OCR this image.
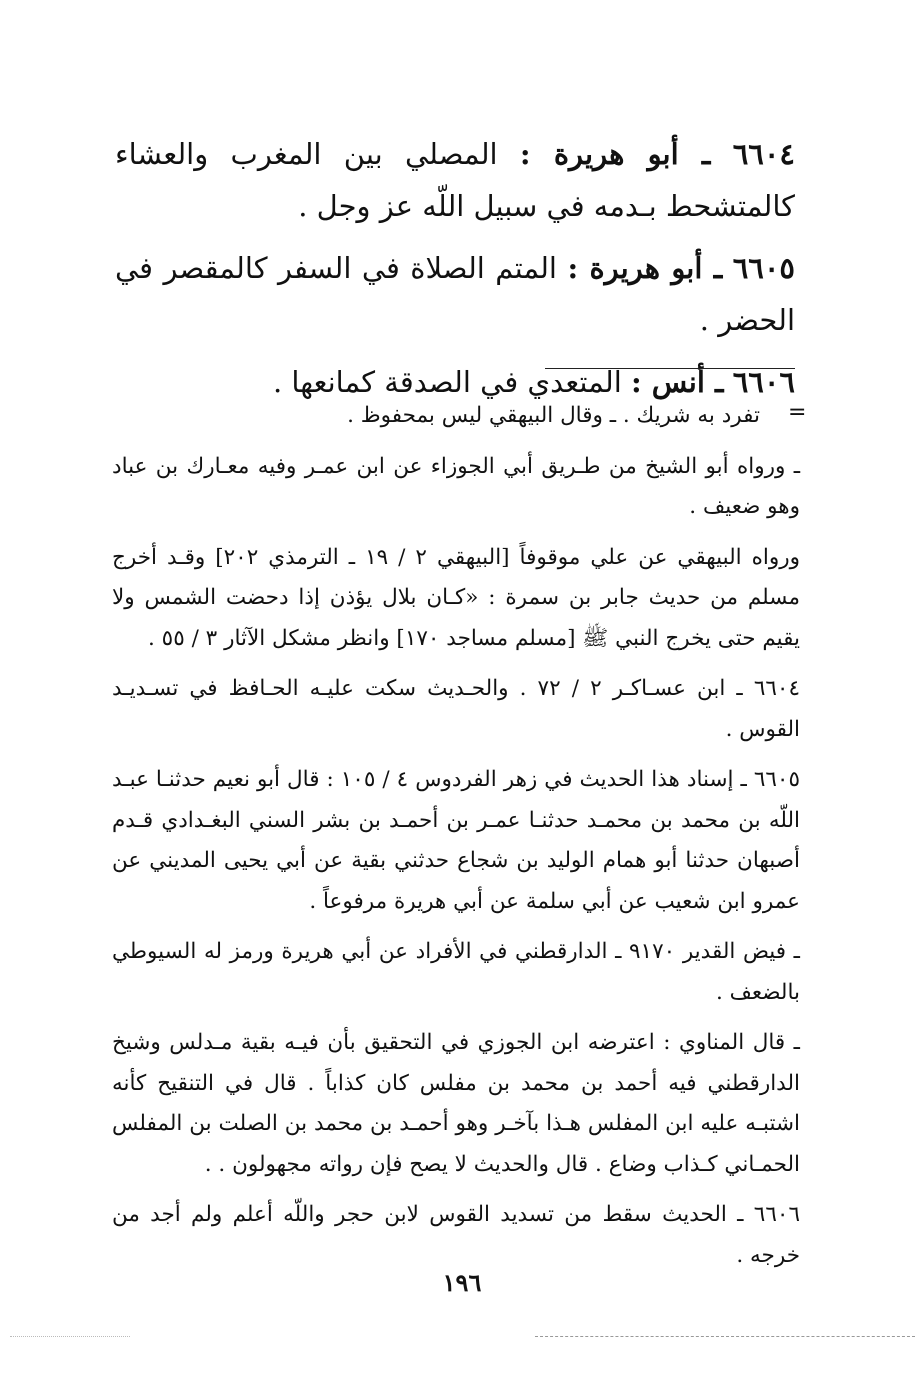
٦٦٠٤ ـ أبو هريرة : المصلي بين المغرب والعشاء كالمتشحط بـدمه في سبيل اللّه عز وجل .

٦٦٠٥ ـ أبو هريرة : المتم الصلاة في السفر كالمقصر في الحضر .

٦٦٠٦ ـ أنس : المتعدي في الصدقة كمانعها .

=

تفرد به شريك . ـ وقال البيهقي ليس بمحفوظ .

ـ ورواه أبو الشيخ من طـريق أبي الجوزاء عن ابن عمـر وفيه معـارك بن عباد وهو ضعيف .

ورواه البيهقي عن علي موقوفاً [البيهقي ٢ / ١٩ ـ الترمذي ٢٠٢] وقـد أخرج مسلم من حديث جابر بن سمرة : «كـان بلال يؤذن إذا دحضت الشمس ولا يقيم حتى يخرج النبي ﷺ [مسلم مساجد ١٧٠] وانظر مشكل الآثار ٣ / ٥٥ .

٦٦٠٤ ـ ابن عسـاكـر ٢ / ٧٢ . والحـديث سكت عليـه الحـافظ في تسـديـد القوس .

٦٦٠٥ ـ إسناد هذا الحديث في زهر الفردوس ٤ / ١٠٥ : قال أبو نعيم حدثنـا عبـد اللّه بن محمد بن محمـد حدثنـا عمـر بن أحمـد بن بشر السني البغـدادي قـدم أصبهان حدثنا أبو همام الوليد بن شجاع حدثني بقية عن أبي يحيى المديني عن عمرو ابن شعيب عن أبي سلمة عن أبي هريرة مرفوعاً .

ـ فيض القدير ٩١٧٠ ـ الدارقطني في الأفراد عن أبي هريرة ورمز له السيوطي بالضعف .

ـ قال المناوي : اعترضه ابن الجوزي في التحقيق بأن فيـه بقية مـدلس وشيخ الدارقطني فيه أحمد بن محمد بن مفلس كان كذاباً . قال في التنقيح كأنه اشتبـه عليه ابن المفلس هـذا بآخـر وهو أحمـد بن محمد بن الصلت بن المفلس الحمـاني كـذاب وضاع . قال والحديث لا يصح فإن رواته مجهولون . .

٦٦٠٦ ـ الحديث سقط من تسديد القوس لابن حجر واللّه أعلم ولم أجد من خرجه .

١٩٦
